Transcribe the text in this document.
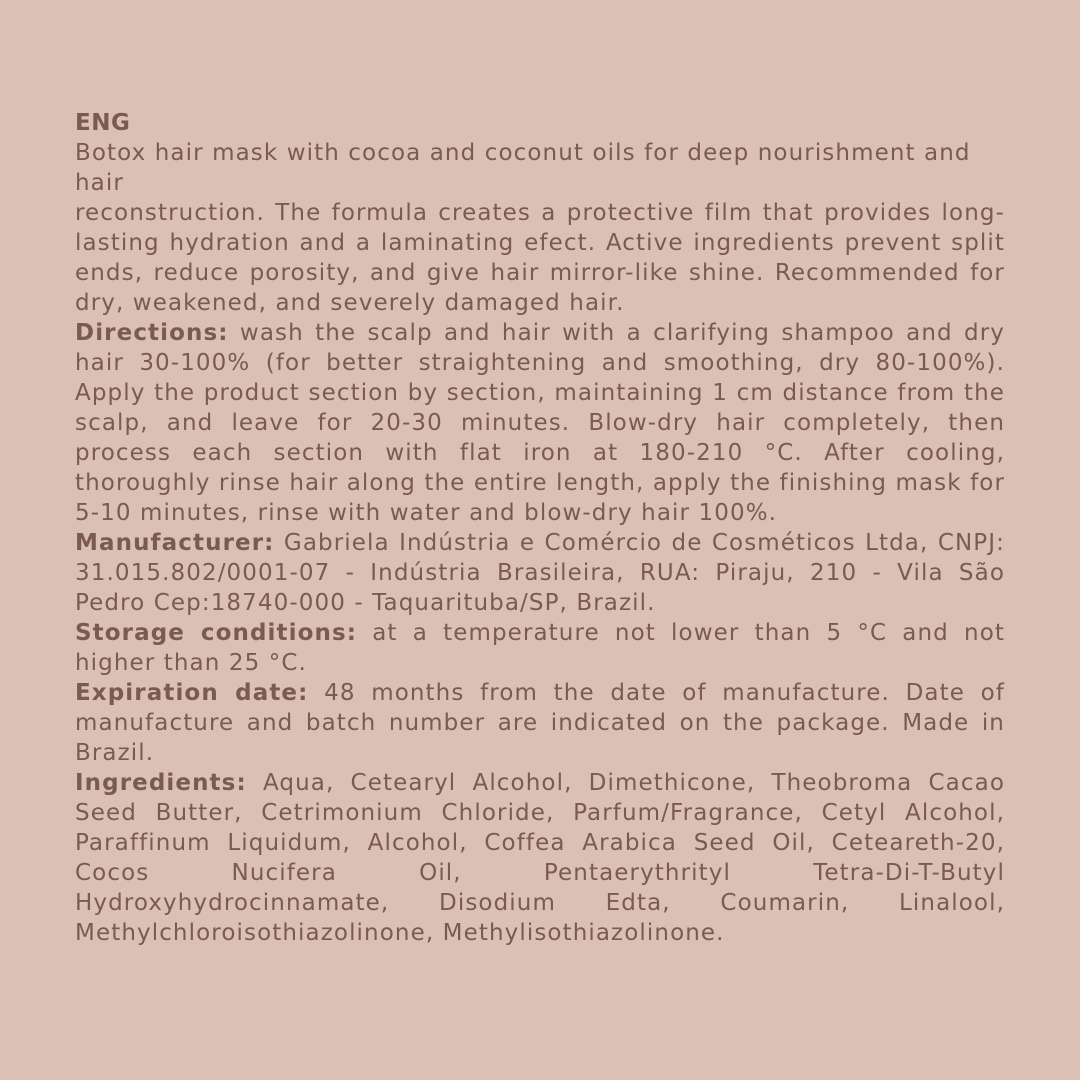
ENG

Botox hair mask with cocoa and coconut oils for deep nourishment and hair

reconstruction. The formula creates a protective film that provides long-lasting hydration and a laminating efect. Active ingredients prevent split ends, reduce porosity, and give hair mirror-like shine. Recommended for dry, weakened, and severely damaged hair.

Directions: wash the scalp and hair with a clarifying shampoo and dry hair 30-100% (for better straightening and smoothing, dry 80-100%). Apply the product section by section, maintaining 1 cm distance from the scalp, and leave for 20-30 minutes. Blow-dry hair completely, then process each section with flat iron at 180-210 °C. After cooling, thoroughly rinse hair along the entire length, apply the finishing mask for 5-10 minutes, rinse with water and blow-dry hair 100%.

Manufacturer: Gabriela Indústria e Comércio de Cosméticos Ltda, CNPJ: 31.015.802/0001-07 - Indústria Brasileira, RUA: Piraju, 210 - Vila São Pedro Cep:18740-000 - Taquarituba/SP, Brazil.

Storage conditions: at a temperature not lower than 5 °C and not higher than 25 °C.

Expiration date: 48 months from the date of manufacture. Date of manufacture and batch number are indicated on the package. Made in Brazil.

Ingredients: Aqua, Cetearyl Alcohol, Dimethicone, Theobroma Cacao Seed Butter, Cetrimonium Chloride, Parfum/Fragrance, Cetyl Alcohol, Paraffinum Liquidum, Alcohol, Coffea Arabica Seed Oil, Ceteareth-20, Cocos Nucifera Oil, Pentaerythrityl Tetra-Di-T-Butyl Hydroxyhydrocinnamate, Disodium Edta, Coumarin, Linalool, Methylchloroisothiazolinone, Methylisothiazolinone.
